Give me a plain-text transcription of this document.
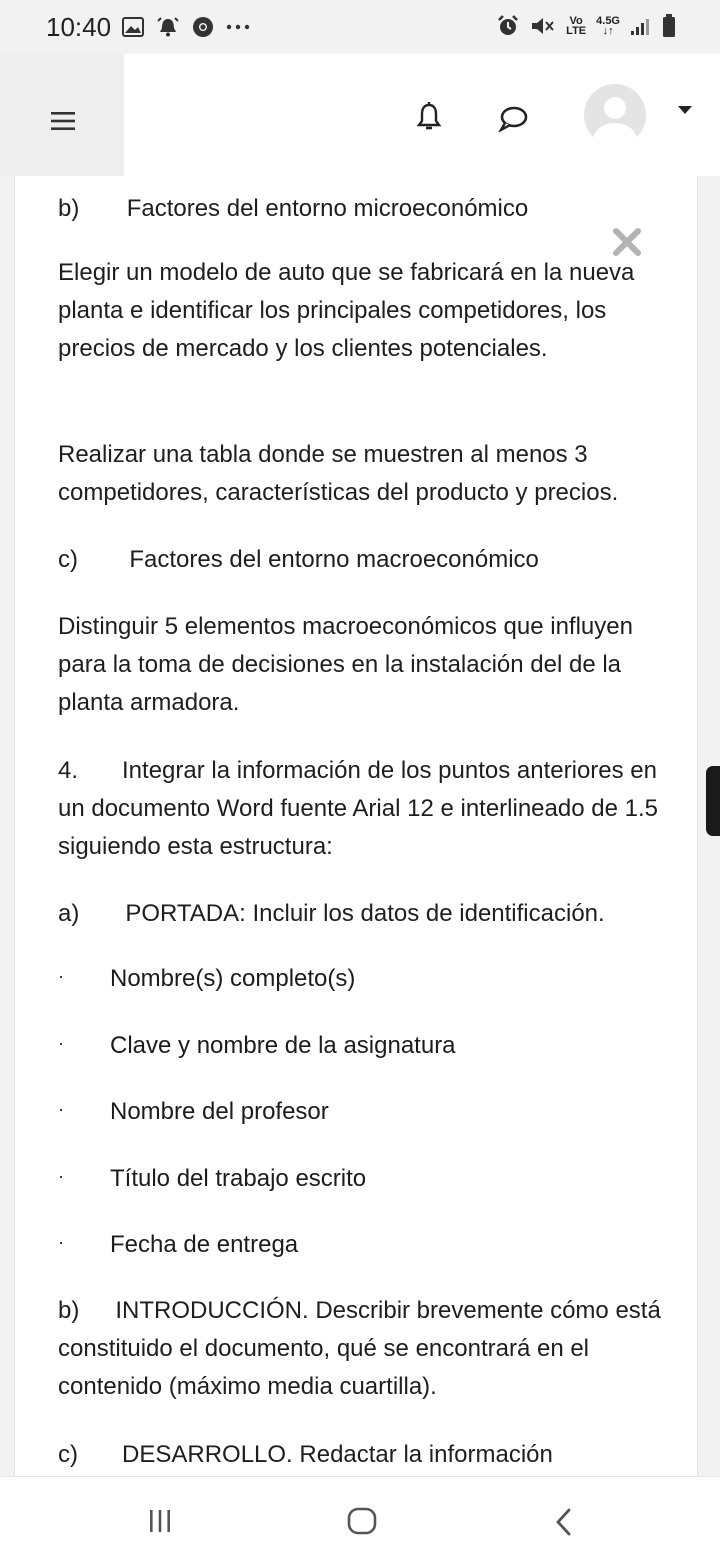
10:40	Vo
LTE
4.5G
↓↑
b) Factores del entorno microeconómico
Elegir un modelo de auto que se fabricará en la nueva planta e identificar los principales competidores, los precios de mercado y los clientes potenciales.
Realizar una tabla donde se muestren al menos 3 competidores, características del producto y precios.
c) Factores del entorno macroeconómico
Distinguir 5 elementos macroeconómicos que influyen para la toma de decisiones en la instalación del de la planta armadora.
4. Integrar la información de los puntos anteriores en un documento Word fuente Arial 12 e interlineado de 1.5 siguiendo esta estructura:
a) PORTADA: Incluir los datos de identificación.
·	Nombre(s) completo(s)
·	Clave y nombre de la asignatura
·	Nombre del profesor
·	Título del trabajo escrito
·	Fecha de entrega
b) INTRODUCCIÓN. Describir brevemente cómo está constituido el documento, qué se encontrará en el contenido (máximo media cuartilla).
c) DESARROLLO. Redactar la información
